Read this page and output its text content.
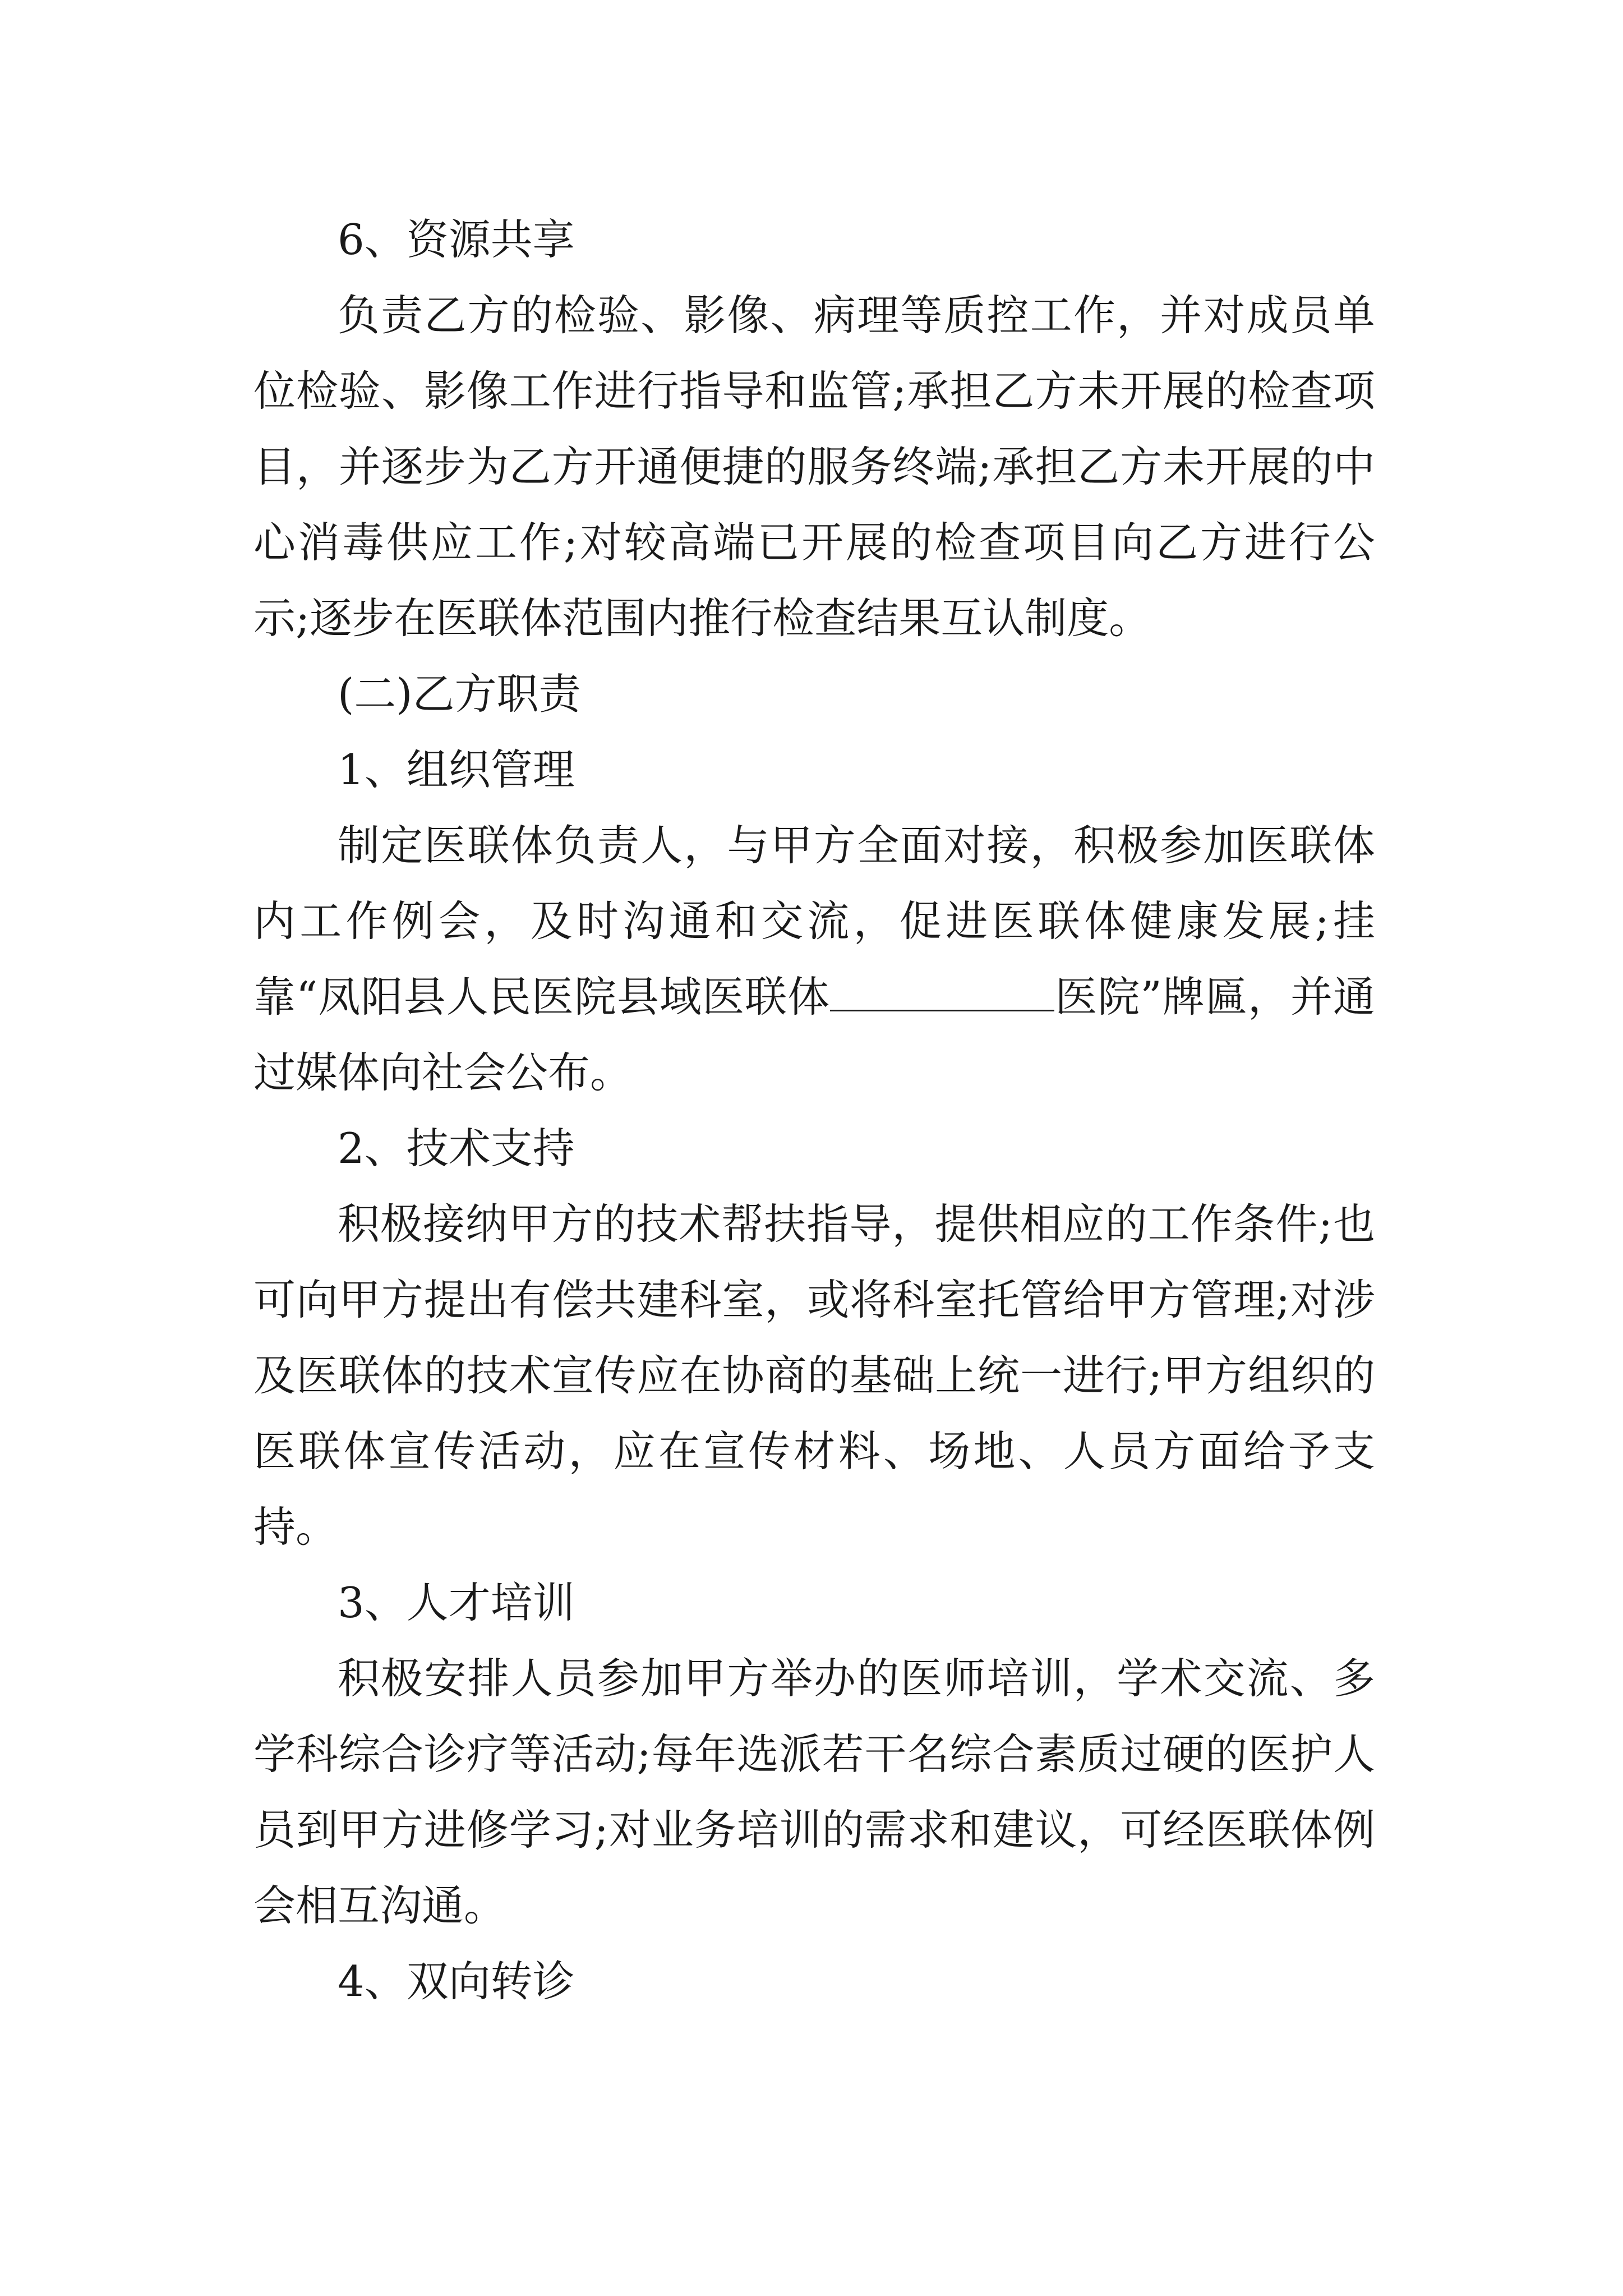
6、资源共享

负责乙方的检验、影像、病理等质控工作，并对成员单位检验、影像工作进行指导和监管;承担乙方未开展的检查项目，并逐步为乙方开通便捷的服务终端;承担乙方未开展的中心消毒供应工作;对较高端已开展的检查项目向乙方进行公示;逐步在医联体范围内推行检查结果互认制度。

(二)乙方职责

1、组织管理

制定医联体负责人，与甲方全面对接，积极参加医联体内工作例会，及时沟通和交流，促进医联体健康发展;挂靠“凤阳县人民医院县域医联体	医院”牌匾，并通过媒体向社会公布。

2、技术支持

积极接纳甲方的技术帮扶指导，提供相应的工作条件;也可向甲方提出有偿共建科室，或将科室托管给甲方管理;对涉及医联体的技术宣传应在协商的基础上统一进行;甲方组织的医联体宣传活动，应在宣传材料、场地、人员方面给予支持。

3、人才培训

积极安排人员参加甲方举办的医师培训，学术交流、多学科综合诊疗等活动;每年选派若干名综合素质过硬的医护人员到甲方进修学习;对业务培训的需求和建议，可经医联体例会相互沟通。

4、双向转诊
